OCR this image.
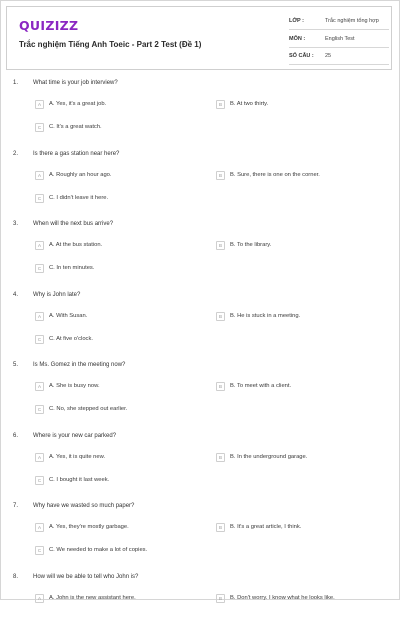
QUIZIZZ
Trắc nghiệm Tiếng Anh Toeic - Part 2 Test (Đề 1)
LỚP :	Trắc nghiệm tổng hợp
MÔN :	English Test
SỐ CÂU : 25
1. What time is your job interview?
A	A. Yes, it's a great job.	B	B. At two thirty.
C	C. It's a great watch.
2. Is there a gas station near here?
A	A. Roughly an hour ago.	B	B. Sure, there is one on the corner.
C	C. I didn't leave it here.
3. When will the next bus arrive?
A	A. At the bus station.	B	B. To the library.
C	C. In ten minutes.
4. Why is John late?
A	A. With Susan.	B	B. He is stuck in a meeting.
C	C. At five o'clock.
5. Is Ms. Gomez in the meeting now?
A	A. She is busy now.	B	B. To meet with a client.
C	C. No, she stepped out earlier.
6. Where is your new car parked?
A	A. Yes, it is quite new.	B	B. In the underground garage.
C	C. I bought it last week.
7. Why have we wasted so much paper?
A	A. Yes, they're mostly garbage.	B	B. It's a great article, I think.
C	C. We needed to make a lot of copies.
8. How will we be able to tell who John is?
A	A. John is the new assistant here.	B	B. Don't worry. I know what he looks like.
